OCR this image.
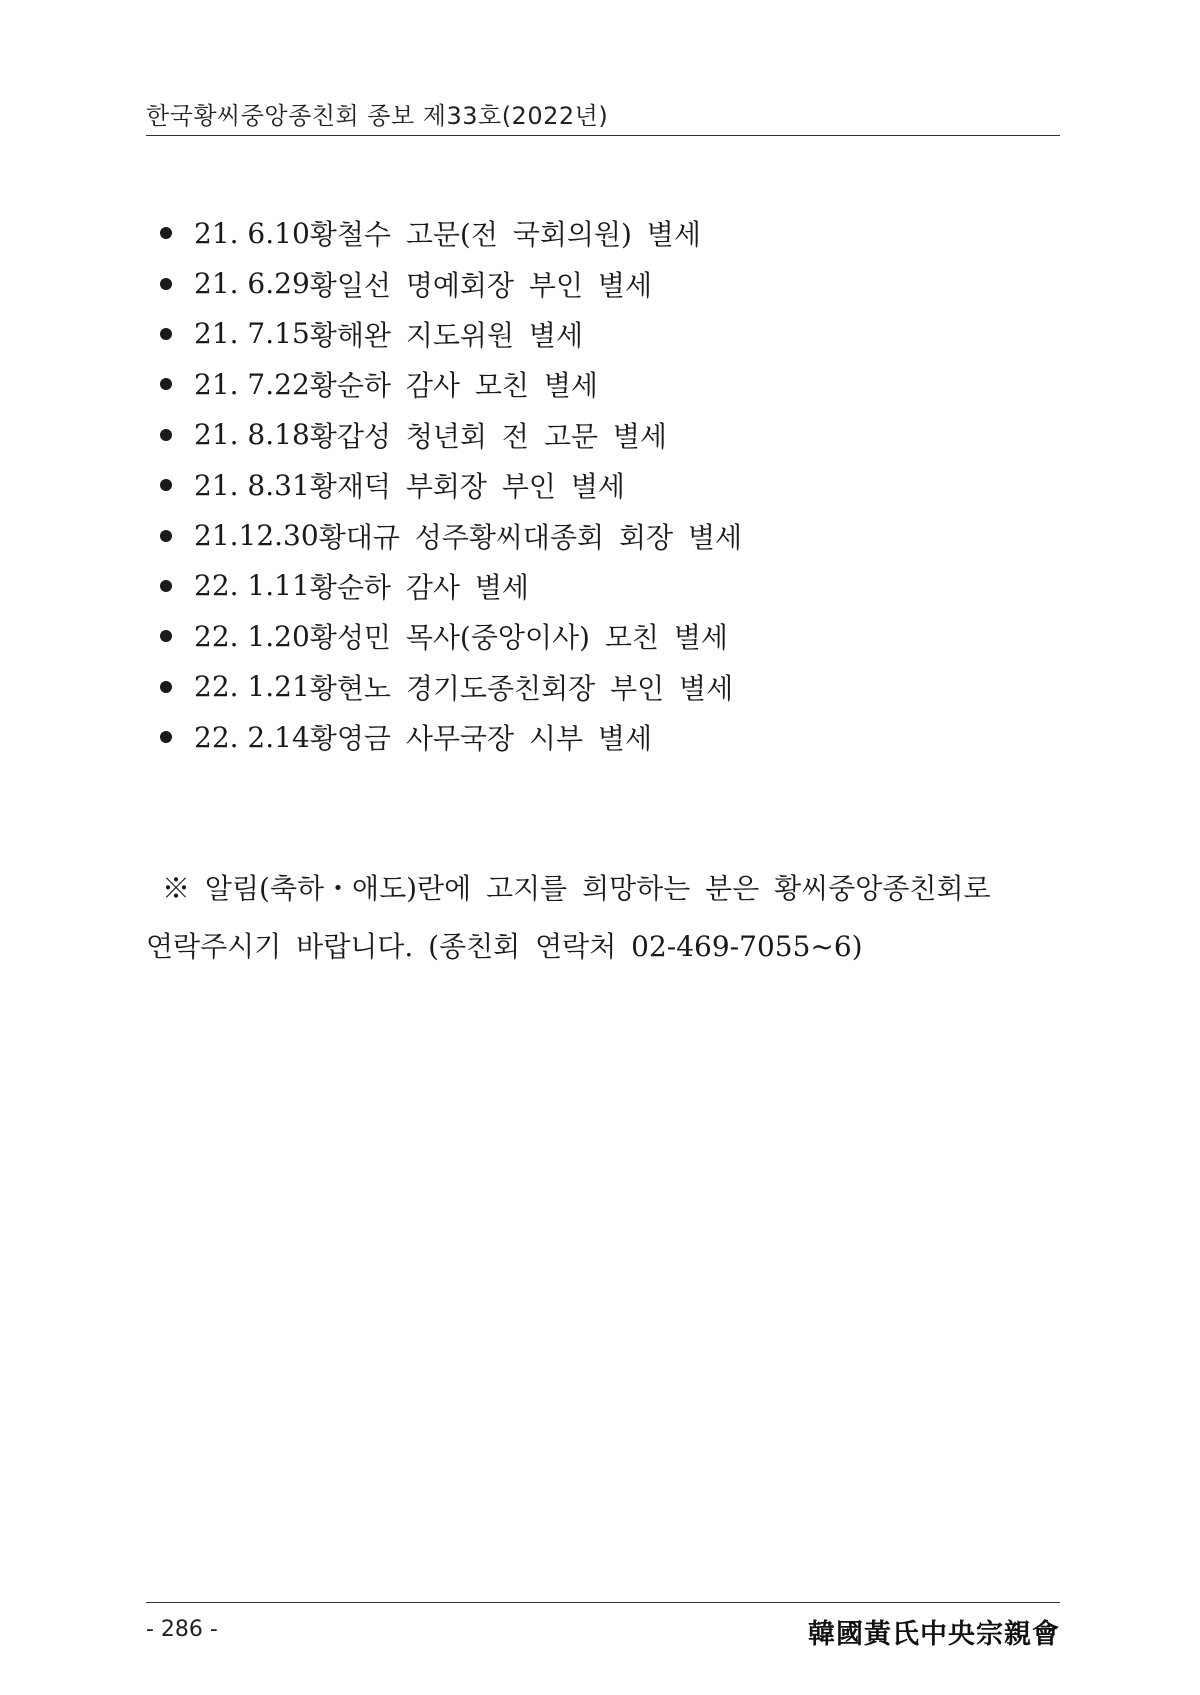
한국황씨중앙종친회 종보 제33호(2022년)
21. 6.10 황철수 고문(전 국회의원) 별세
21. 6.29 황일선 명예회장 부인 별세
21. 7.15 황해완 지도위원 별세
21. 7.22 황순하 감사 모친 별세
21. 8.18 황갑성 청년회 전 고문 별세
21. 8.31 황재덕 부회장 부인 별세
21.12.30 황대규 성주황씨대종회 회장 별세
22. 1.11 황순하 감사 별세
22. 1.20 황성민 목사(중앙이사) 모친 별세
22. 1.21 황현노 경기도종친회장 부인 별세
22. 2.14 황영금 사무국장 시부 별세
※ 알림(축하・애도)란에 고지를 희망하는 분은 황씨중앙종친회로
연락주시기 바랍니다. (종친회 연락처 02-469-7055~6)
- 286 -	韓國黃氏中央宗親會
